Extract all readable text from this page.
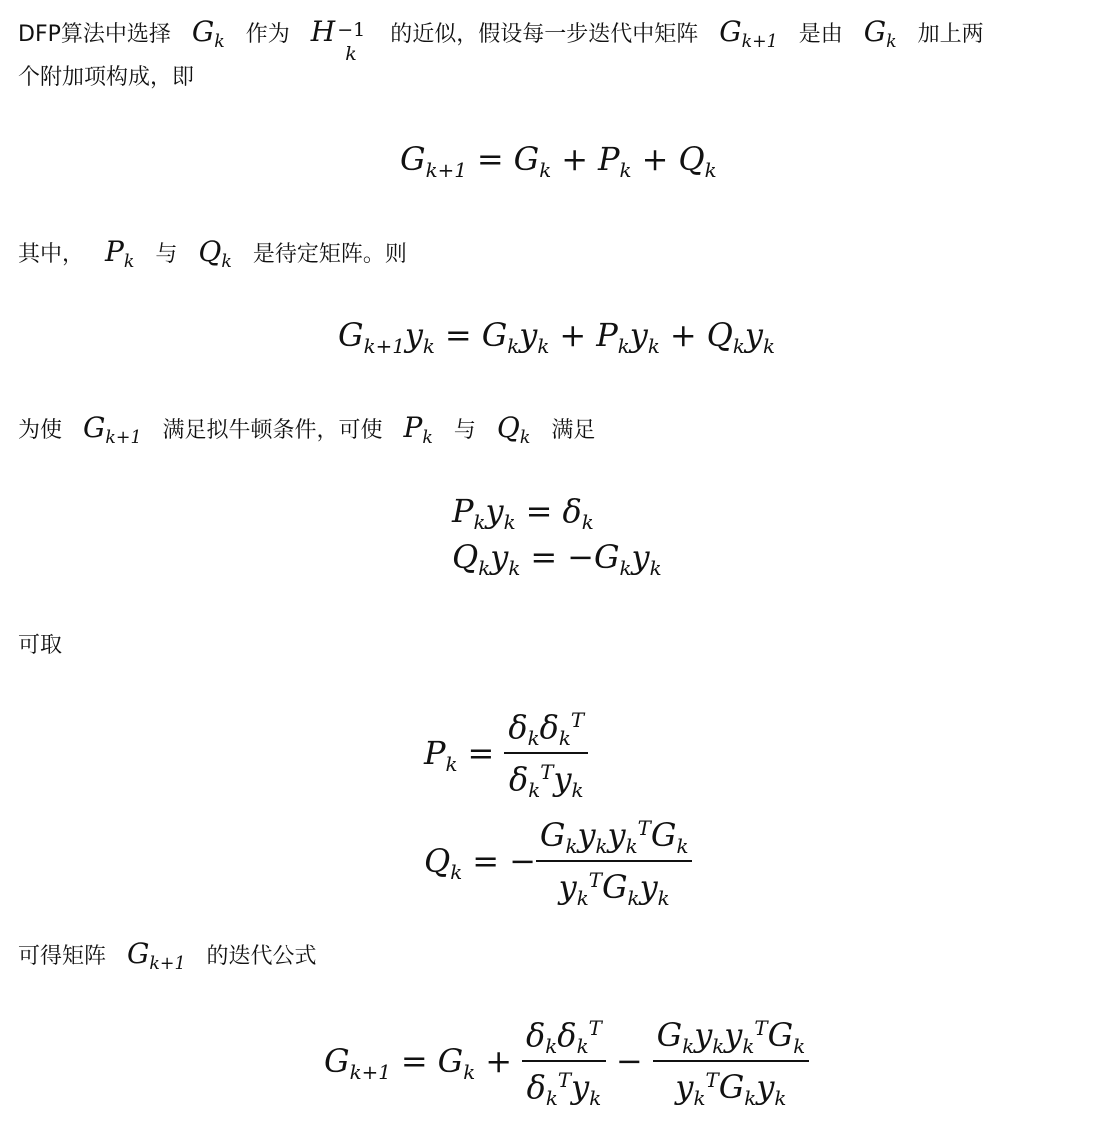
DFP算法中选择 $G_k$ 作为 H −1
k
的近似，假设每一步迭代中矩阵 $G_{k+1}$ 是由 $G_k$ 加上两
个附加项构成，即
$G_{k+1} = G_k + P_k + Q_k$
其中， $P_k$ 与 $Q_k$ 是待定矩阵。则
$G_{k+1}y_k = G_ky_k + P_ky_k + Q_ky_k$
为使 $G_{k+1}$ 满足拟牛顿条件，可使 $P_k$ 与 $Q_k$ 满足
$P_ky_k = \delta_k$
$Q_ky_k = -G_ky_k$
可取
$P_k = \frac{\delta_k\delta_k^T}{\delta_k^Ty_k}$
$Q_k$ = − $\frac{G_ky_ky_k^TG_k}{y_k^TG_ky_k}$
可得矩阵 $G_{k+1}$ 的迭代公式
$G_{k+1} = G_k + \frac{\delta_k\delta_k^T}{\delta_k^Ty_k} - \frac{G_ky_ky_k^TG_k}{y_k^TG_ky_k}$
